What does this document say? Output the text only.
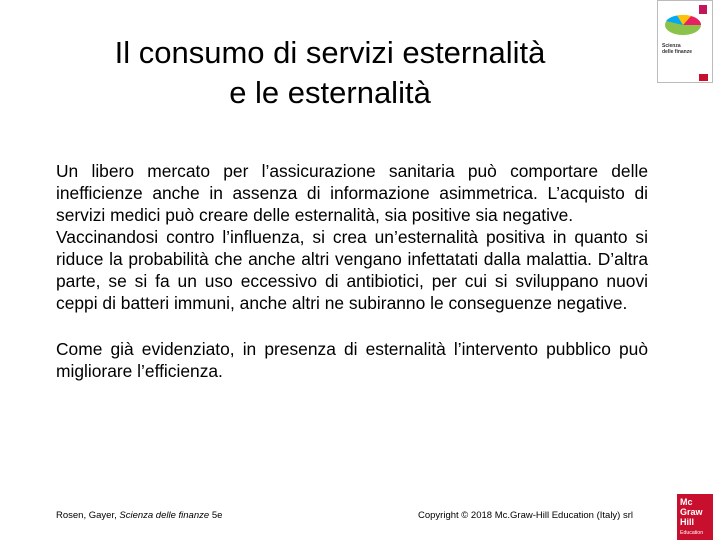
Il consumo di servizi esternalità
e le esternalità

Un libero mercato per l’assicurazione sanitaria può comportare delle inefficienze anche in assenza di informazione asimmetrica. L’acquisto di servizi medici può creare delle esternalità, sia positive sia negative.

Vaccinandosi contro l’influenza, si crea un’esternalità positiva in quanto si riduce la probabilità che anche altri vengano infettatati dalla malattia. D’altra parte, se si fa un uso eccessivo di antibiotici, per cui si sviluppano nuovi ceppi di batteri immuni, anche altri ne subiranno le conseguenze negative.

Come già evidenziato, in presenza di esternalità l’intervento pubblico può migliorare l’efficienza.

Rosen, Gayer, Scienza delle finanze 5e	Copyright © 2018 Mc.Graw-Hill Education (Italy) srl
Scienza
delle finanze
Mc
Graw
Hill
Education
